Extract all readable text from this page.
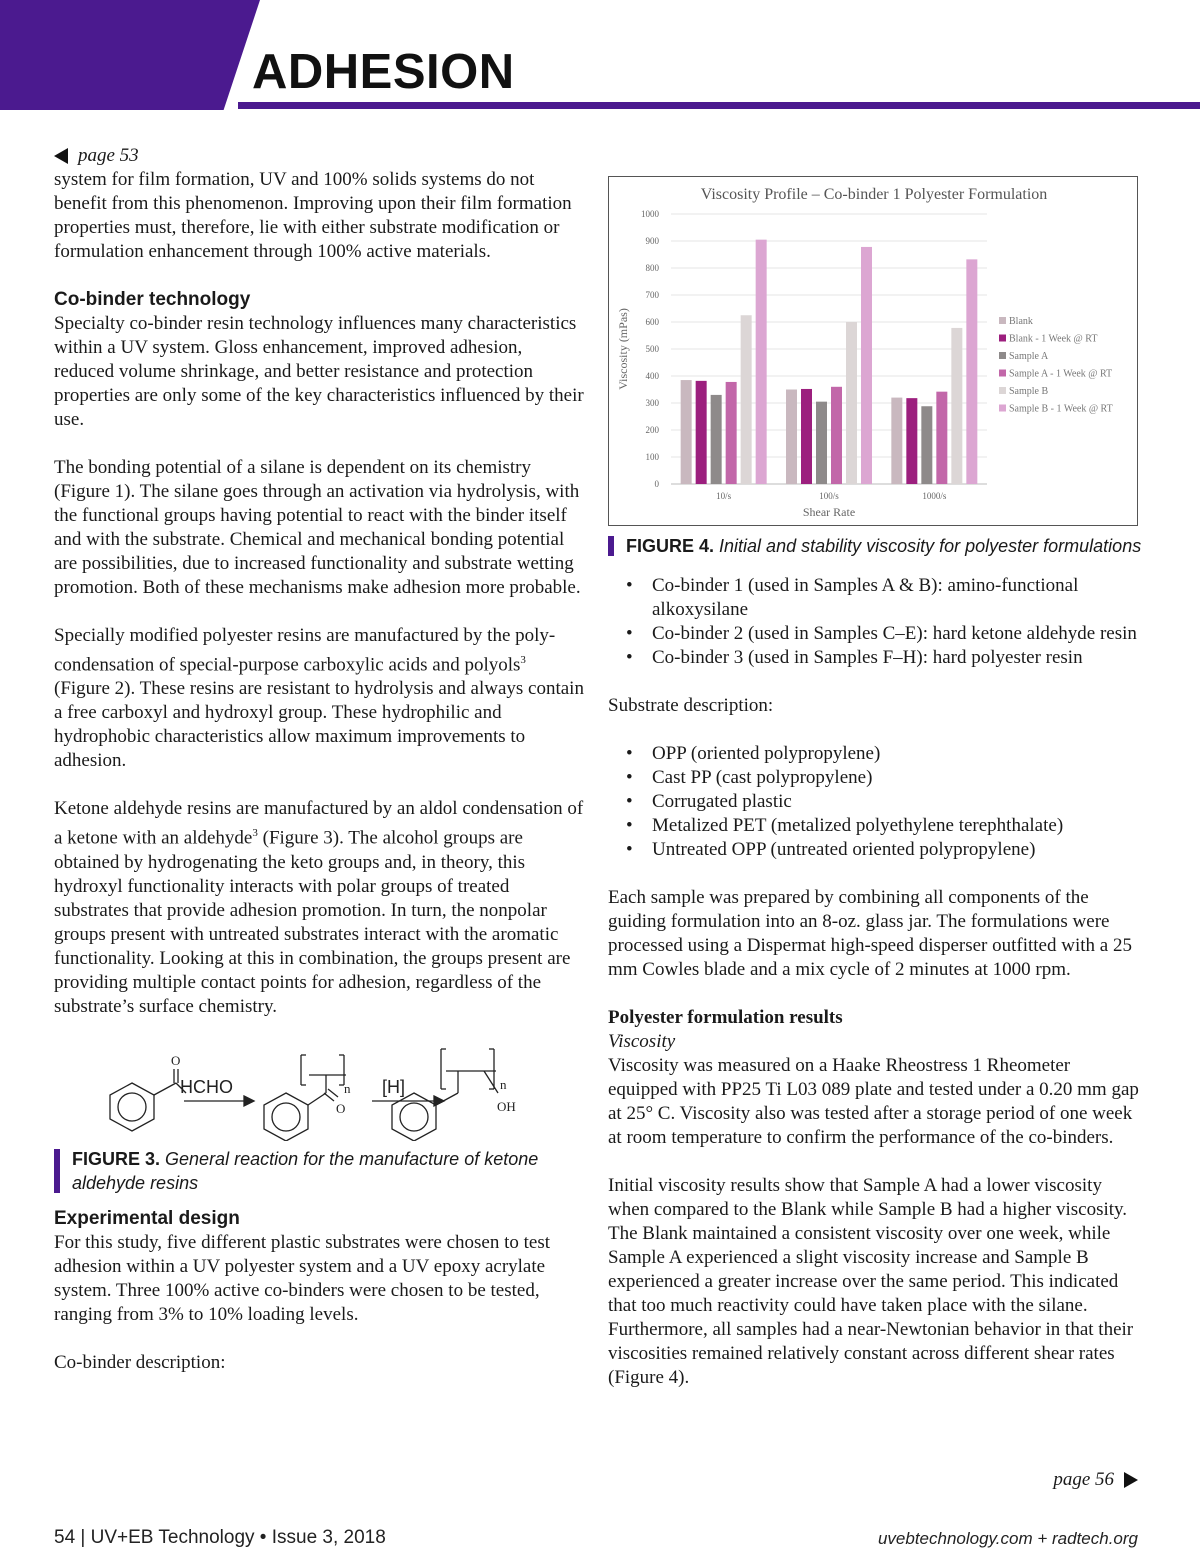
ADHESION
page 53

system for film formation, UV and 100% solids systems do not benefit from this phenomenon. Improving upon their film formation properties must, therefore, lie with either substrate modification or formulation enhancement through 100% active materials.

Co-binder technology

Specialty co-binder resin technology influences many characteristics within a UV system. Gloss enhancement, improved adhesion, reduced volume shrinkage, and better resistance and protection properties are only some of the key characteristics influenced by their use.

The bonding potential of a silane is dependent on its chemistry (Figure 1). The silane goes through an activation via hydrolysis, with the functional groups having potential to react with the binder itself and with the substrate. Chemical and mechanical bonding potential are possibilities, due to increased functionality and substrate wetting promotion. Both of these mechanisms make adhesion more probable.

Specially modified polyester resins are manufactured by the poly-condensation of special-purpose carboxylic acids and polyols$^3$ (Figure 2). These resins are resistant to hydrolysis and always contain a free carboxyl and hydroxyl group. These hydrophilic and hydrophobic characteristics allow maximum improvements to adhesion.

Ketone aldehyde resins are manufactured by an aldol condensation of a ketone with an aldehyde$^3$ (Figure 3). The alcohol groups are obtained by hydrogenating the keto groups and, in theory, this hydroxyl functionality interacts with polar groups of treated substrates that provide adhesion promotion. In turn, the nonpolar groups present with untreated substrates interact with the aromatic functionality. Looking at this in combination, the groups present are providing multiple contact points for adhesion, regardless of the substrate’s surface chemistry.

O
O
n	n
OH
HCHO	[H]
FIGURE 3. General reaction for the manufacture of ketone aldehyde resins
Experimental design

For this study, five different plastic substrates were chosen to test adhesion within a UV polyester system and a UV epoxy acrylate system. Three 100% active co-binders were chosen to be tested, ranging from 3% to 10% loading levels.

Co-binder description:

Viscosity Profile – Co-binder 1 Polyester Formulation
0
100
200
300
400
500
600
700
800
900
1000
Viscosity (mPas)
10/s	100/s	1000/s
Shear Rate
Blank
Blank - 1 Week @ RT
Sample A
Sample A - 1 Week @ RT
Sample B
Sample B - 1 Week @ RT
FIGURE 4. Initial and stability viscosity for polyester formulations
• Co-binder 1 (used in Samples A & B): amino-functional alkoxysilane
• Co-binder 2 (used in Samples C–E): hard ketone aldehyde resin
• Co-binder 3 (used in Samples F–H): hard polyester resin

Substrate description:

• OPP (oriented polypropylene)
• Cast PP (cast polypropylene)
• Corrugated plastic
• Metalized PET (metalized polyethylene terephthalate)
• Untreated OPP (untreated oriented polypropylene)

Each sample was prepared by combining all components of the guiding formulation into an 8-oz. glass jar. The formulations were processed using a Dispermat high-speed disperser outfitted with a 25 mm Cowles blade and a mix cycle of 2 minutes at 1000 rpm.

Polyester formulation results

Viscosity

Viscosity was measured on a Haake Rheostress 1 Rheometer equipped with PP25 Ti L03 089 plate and tested under a 0.20 mm gap at 25° C. Viscosity also was tested after a storage period of one week at room temperature to confirm the performance of the co-binders.

Initial viscosity results show that Sample A had a lower viscosity when compared to the Blank while Sample B had a higher viscosity. The Blank maintained a consistent viscosity over one week, while Sample A experienced a slight viscosity increase and Sample B experienced a greater increase over the same period. This indicated that too much reactivity could have taken place with the silane. Furthermore, all samples had a near-Newtonian behavior in that their viscosities remained relatively constant across different shear rates (Figure 4).

page 56
54 | UV+EB Technology • Issue 3, 2018	uvebtechnology.com + radtech.org
